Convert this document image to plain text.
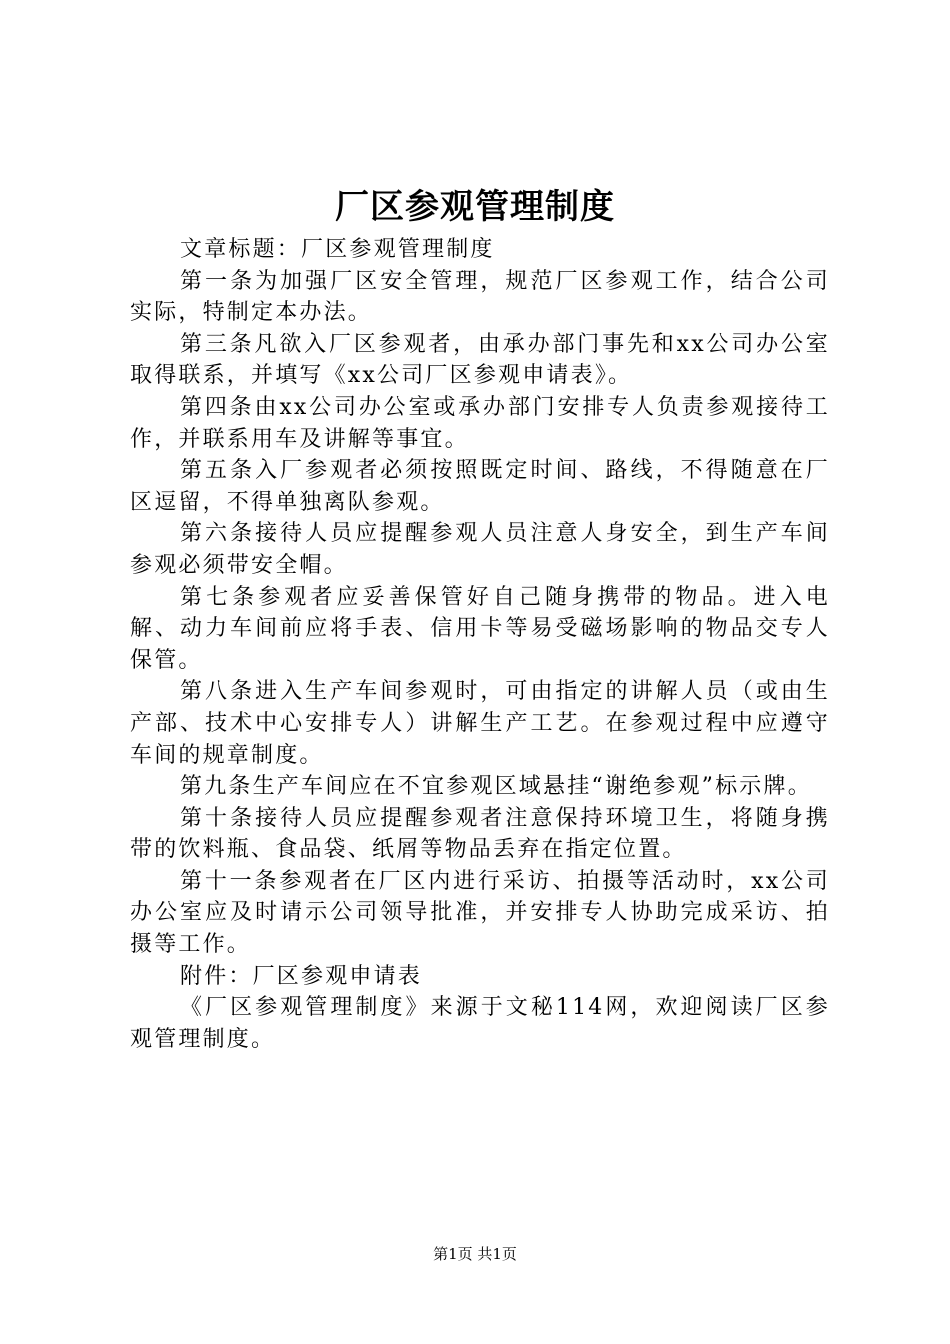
厂区参观管理制度

文章标题：厂区参观管理制度

第一条为加强厂区安全管理，规范厂区参观工作，结合公司实际，特制定本办法。

第三条凡欲入厂区参观者，由承办部门事先和xx公司办公室取得联系，并填写《xx公司厂区参观申请表》。

第四条由xx公司办公室或承办部门安排专人负责参观接待工作，并联系用车及讲解等事宜。

第五条入厂参观者必须按照既定时间、路线，不得随意在厂区逗留，不得单独离队参观。

第六条接待人员应提醒参观人员注意人身安全，到生产车间参观必须带安全帽。

第七条参观者应妥善保管好自己随身携带的物品。进入电解、动力车间前应将手表、信用卡等易受磁场影响的物品交专人保管。

第八条进入生产车间参观时，可由指定的讲解人员（或由生产部、技术中心安排专人）讲解生产工艺。在参观过程中应遵守车间的规章制度。

第九条生产车间应在不宜参观区域悬挂“谢绝参观”标示牌。

第十条接待人员应提醒参观者注意保持环境卫生，将随身携带的饮料瓶、食品袋、纸屑等物品丢弃在指定位置。

第十一条参观者在厂区内进行采访、拍摄等活动时，xx公司办公室应及时请示公司领导批准，并安排专人协助完成采访、拍摄等工作。

附件：厂区参观申请表

《厂区参观管理制度》来源于文秘114网，欢迎阅读厂区参观管理制度。

第1页 共1页
